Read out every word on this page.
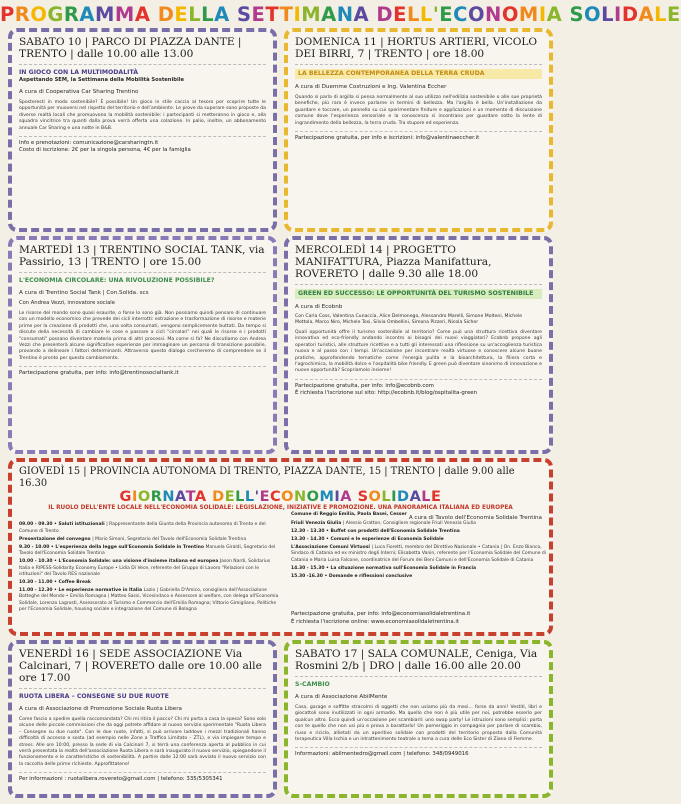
PROGRAMMA DELLA SETTIMANA DELL'ECONOMIA SOLIDALE
SABATO 10 | PARCO DI PIAZZA DANTE | TRENTO | dalle 10.00 alle 13.00
IN GIOCO CON LA MULTIMODALITÀ
Aspettando SEM, la Settimana della Mobilità Sostenibile
A cura di Cooperativa Car Sharing Trentino
Sposteresti in modo sostenibile? È possibile! Un gioco in stile caccia al tesoro per scoprire tutte le opportunità per muoversi nel rispetto del territorio e dell'ambiente. Le prove da superare sono proposte da diverse realtà locali che promuovono la mobilità sostenibile: i partecipanti si metteranno in gioco e, alla squadra vincitrice tra quanti dalla prova verrà offerta una colazione. In palio, inoltre, un abbonamento annuale Car Sharing e una notte in B&B.
Info e prenotazioni: comunicazione@carsharingtn.it
Costo di iscrizione: 2€ per la singola persona, 4€ per la famiglia
DOMENICA 11 | HORTUS ARTIERI, VICOLO DEI BIRRI, 7 | TRENTO | ore 18.00
LA BELLEZZA CONTEMPORANEA DELLA TERRA CRUDA
A cura di Duemme Costruzioni e Ing. Valentina Eccher
Quando si parla di argilla si pensa normalmente al suo utilizzo nell'edilizia sostenibile o alle sue proprietà benefiche, più raro è invece parlarne in termini di bellezza. Ma l'argilla è bella. Un'installazione da guardare e toccare, un pennello su cui sperimentare finiture e applicazioni e un momento di discussione comune dove l'esperienza sensoriale e la conoscenza si incontrano per guardare sotto la lente di ingrandimento della bellezza, la terra cruda. Tra stupore ed esperienza.
Partecipazione gratuita, per info e iscrizioni: info@valentinaeccher.it
MARTEDÌ 13 | TRENTINO SOCIAL TANK, via Passirio, 13 | TRENTO | ore 15.00
L'ECONOMIA CIRCOLARE: UNA RIVOLUZIONE POSSIBILE?
A cura di Trentino Social Tank | Con.Solida. scs
Con Andrea Vezzi, innovatore sociale
Le risorse del mondo sono quasi esaurite, o forse lo sono già. Non possiamo quindi pensare di continuare con un modello economico che prevede dei cicli interrotti: estrazione e trasformazione di risorse e materie prime per la creazione di prodotti che, una volta consumati, vengono semplicemente buttati. Da tempo si discute della necessità di cambiare le cose e passare a cicli "circolari" nei quali le risorse e i prodotti "consumati" possano diventare materia prima di altri processi. Ma come si fa? Ne discutiamo con Andrea Vezzi che presenterà alcune significative esperienze per immaginare un percorso di transizione possibile, provando a delineare i fattori determinanti. Attraverso questo dialogo cercheremo di comprendere se il Trentino è pronto per questo cambiamento.
Partecipazione gratuita, per info: info@trentinosocialtank.it
MERCOLEDÌ 14 | PROGETTO MANIFATTURA, Piazza Manifattura, ROVERETO | dalle 9.30 alle 18.00
GREEN ED SUCCESSO: LE OPPORTUNITÀ DEL TURISMO SOSTENIBILE
A cura di Ecobnb
Con Carla Coss, Valentina Cunaccia, Alice Delmonego, Alessandro Marelli, Simone Molteni, Michele Mottola, Marco Niro, Michele Tosi, Silvia Ombellini, Simona Pizzeri, Nicola Sicher
Quali opportunità offre il turismo sostenibile al territorio? Come può una struttura ricettiva diventare innovativa ed eco-friendly andando incontro ai bisogni dei nuovi viaggiatori? Ecobnb propone agli operatori turistici, alle strutture ricettive e a tutti gli interessati una riflessione su un'accoglienza turistica nuova e al passo con i tempi. Un'occasione per incontrare realtà virtuose e conoscere alcune buone pratiche, approfondendo tematiche come l'energia pulita e la bioarchitettura, la filiera corta e l'agrochimica, la mobilità dolce e l'ospitalità bike friendly. E green può diventare sinonimo di innovazione e nuove opportunità? Scopriamolo insieme!
Partecipazione gratuita, per info: info@ecobnb.com
È richiesta l'iscrizione sul sito: http://ecobnb.it/blog/ospitalita-green
GIOVEDÌ 15 | PROVINCIA AUTONOMA DI TRENTO, PIAZZA DANTE, 15 | TRENTO | dalle 9.00 alle 16.30
GIORNATA DELL'ECONOMIA SOLIDALE
IL RUOLO DELL'ENTE LOCALE NELL'ECONOMIA SOLIDALE: LEGISLAZIONE, INIZIATIVE E PROMOZIONE. UNA PANORAMICA ITALIANA ED EUROPEA
A cura di Tavolo dell'Economia Solidale Trentina
09.00 - 09.30 • Saluti istituzionali | Rappresentante della Giunta della Provincia autonoma di Trento e del Comune di Trento
Presentazione del convegno | Mario Simoni, Segretario del Tavolo dell'Economia Solidale Trentina
9.30 - 10.00 • L'esperienza della legge sull'Economia Solidale in Trentino Manuela Giraldi, Segretario del Tavolo dell'Economia Solidale Trentina
10.00 - 10.30 • L'Economia Solidale: una visione d'insieme italiana ed europea Jason Nardi, Solidarius Italia e RIPESS-Solidarity Economy Europe • Lidia Di Vece, referente del Gruppo di Lavoro "Relazioni con le istituzioni" del Tavolo RES nazionale
10.30 - 11.00 • Coffee Break
11.00 - 12.30 • Le esperienze normative in Italia Lazio | Gabriella D'Amico, consigliera dell'Associazione Botteghe del Mondo • Emilia Romagna | Matteo Sassi, Vicesindaco e Assessore al welfare, con delega all'Economia Solidale, Lorenzo Lagrosti, Assessorato al Turismo e Commercio dell'Emilia Romagna; Vittorio Gimigliano, Politiche per l'Economia Solidale, housing sociale e integrazione del Comune di Bologna
Comune di Reggio Emilia, Paola Basei, Cesser
Friuli Venezia Giulia | Alessio Gratton, Consigliere regionale Friuli Venezia Giulia
12.30 - 13.30 • Buffet con prodotti dell'Economia Solidale Trentina
13.30 - 14.30 • Comuni e le esperienze di Economia Solidale
L'Associazione Comuni Virtuosi | Luca Fioretti, membro del Direttivo Nazionale • Catania | On. Enzo Bianco, Sindaco di Catania ed ex ministro degli Interni; Elisabetta Vanin, referente per l'Economia Solidale del Comune di Catania e Maria Luisa Falcone, coordinatrice del Forum dei Beni Comuni e dell'Economia Solidale di Catania
14.30 - 15.30 • La situazione normativa sull'Economia Solidale in Francia
15.30 -16.30 • Domande e riflessioni conclusive
Partecipazione gratuita, per info: info@economiasolidaletrentina.it
È richiesta l'iscrizione online: www.economiasolidaletrentina.it
VENERDÌ 16 | SEDE ASSOCIAZIONE Via Calcinari, 7 | ROVERETO dalle ore 10.00 alle ore 17.00
RUOTA LIBERA – CONSEGNE SU DUE RUOTE
A cura di Associazione di Promozione Sociale Ruota Libera
Come fascio a spedire quella raccomandata? Chi mi ritira il pacco? Chi mi porta a casa la spesa? Sono solo alcune delle piccole commissioni che da oggi potrete affidare al nuovo servizio sperimentale "Ruota Libera – Consegne su due ruote". Con le due ruote, infatti, si può arrivare laddove i mezzi tradizionali hanno difficoltà di accesso e sosta (ad esempio nelle Zone a Traffico Limitato – ZTL), e via impiegare tempo e stress. Alle ore 10:00, presso la sede di via Calcinari 7, si terrà una conferenza aperta al pubblico in cui verrà presentata la realtà dell'associazione Ruota Libera e sarà inaugurato il nuovo servizio, spiegandone il funzionamento e le caratteristiche di sostenibilità. A partire dalle 12:00 sarà avviato il nuovo servizio con la raccolta delle prime richieste. Approfittatene!
Per informazioni : ruotalibera.rovereto@gmail.com | telefono: 335/5305341
SABATO 17 | SALA COMUNALE, Ceniga, Via Rosmini 2/b | DRO | dalle 16.00 alle 20.00
S-CAMBIO
A cura di Associazione AbilMente
Casa, garage e soffitte stracolmi di oggetti che non usiamo più da mesi... forse da anni! Vestiti, libri e giocattoli sono inutilizzati in ogni armadio. Ma quello che non è più utile per noi, potrebbe esserlo per qualcun altro. Ecco quindi un'occasione per scambiarli: uno swap party! Le istruzioni sono semplici: porta con te quello che non usi più e prova a barattarlo! Un pomeriggio in compagnia per parlare di scambio, riuso e riciclo, allietati da un aperitivo solidale con prodotti del territorio proposto dalla Comunità terapeutica Villa Ischia e un intrattenimento teatrale a tema a cura delle Eco Sister di Ziano di Fiemme.
Informazioni: abilmentedro@gmail.com | telefono: 348/0949016
